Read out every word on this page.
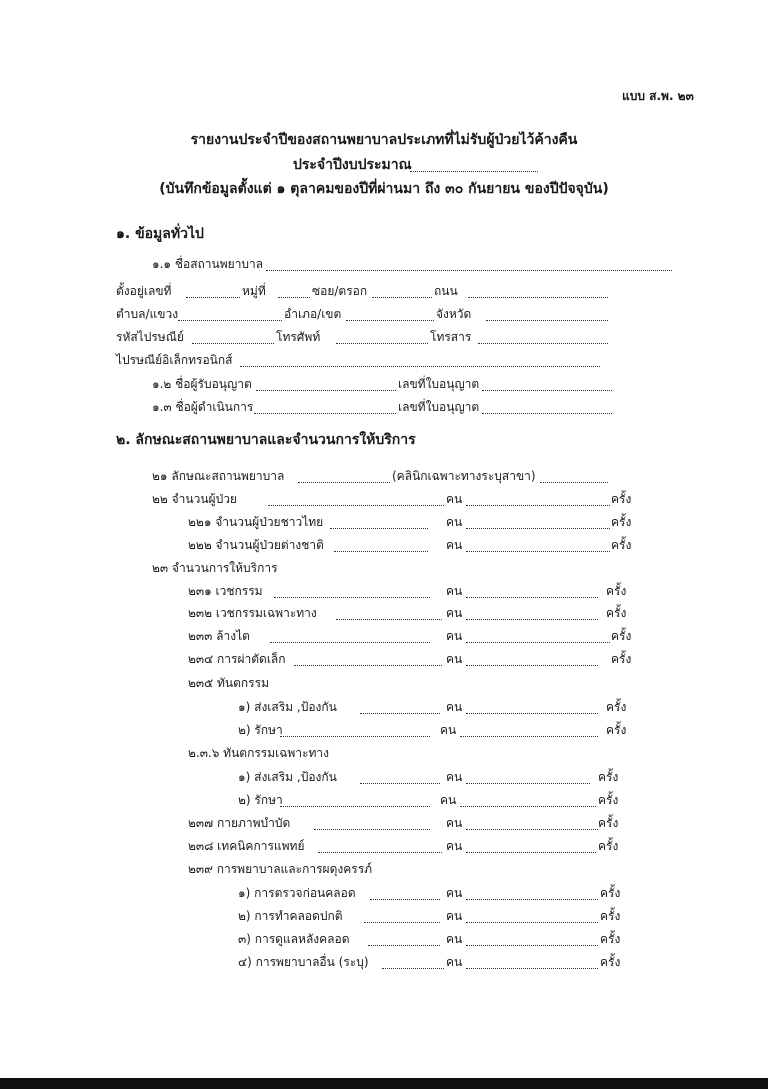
แบบ ส.พ. ๒๓
รายงานประจำปีของสถานพยาบาลประเภทที่ไม่รับผู้ป่วยไว้ค้างคืน
ประจำปีงบประมาณ
(บันทึกข้อมูลตั้งแต่ ๑ ตุลาคมของปีที่ผ่านมา ถึง ๓๐ กันยายน ของปีปัจจุบัน)
๑. ข้อมูลทั่วไป
๑.๑ ชื่อสถานพยาบาล
ตั้งอยู่เลขที่	หมู่ที่	ซอย/ตรอก	ถนน
ตำบล/แขวง	อำเภอ/เขต	จังหวัด
รหัสไปรษณีย์	โทรศัพท์	โทรสาร
ไปรษณีย์อิเล็กทรอนิกส์
๑.๒ ชื่อผู้รับอนุญาต	เลขที่ใบอนุญาต
๑.๓ ชื่อผู้ดำเนินการ	เลขที่ใบอนุญาต
๒. ลักษณะสถานพยาบาลและจำนวนการให้บริการ
๒๑ ลักษณะสถานพยาบาล	(คลินิกเฉพาะทางระบุสาขา)
๒๒ จำนวนผู้ป่วย	คน	ครั้ง
๒๒๑ จำนวนผู้ป่วยชาวไทย	คน	ครั้ง
๒๒๒ จำนวนผู้ป่วยต่างชาติ	คน	ครั้ง
๒๓ จำนวนการให้บริการ
๒๓๑ เวชกรรม	คน	ครั้ง
๒๓๒ เวชกรรมเฉพาะทาง	คน	ครั้ง
๒๓๓ ล้างไต	คน	ครั้ง
๒๓๔ การผ่าตัดเล็ก	คน	ครั้ง
๒๓๕ ทันตกรรม
๑) ส่งเสริม ,ป้องกัน	คน	ครั้ง
๒) รักษา	คน	ครั้ง
๒.๓.๖ ทันตกรรมเฉพาะทาง
๑) ส่งเสริม ,ป้องกัน	คน	ครั้ง
๒) รักษา	คน	ครั้ง
๒๓๗ กายภาพบำบัด	คน	ครั้ง
๒๓๘ เทคนิคการแพทย์	คน	ครั้ง
๒๓๙ การพยาบาลและการผดุงครรภ์
๑) การตรวจก่อนคลอด	คน	ครั้ง
๒) การทำคลอดปกติ	คน	ครั้ง
๓) การดูแลหลังคลอด	คน	ครั้ง
๔) การพยาบาลอื่น (ระบุ)	คน	ครั้ง
